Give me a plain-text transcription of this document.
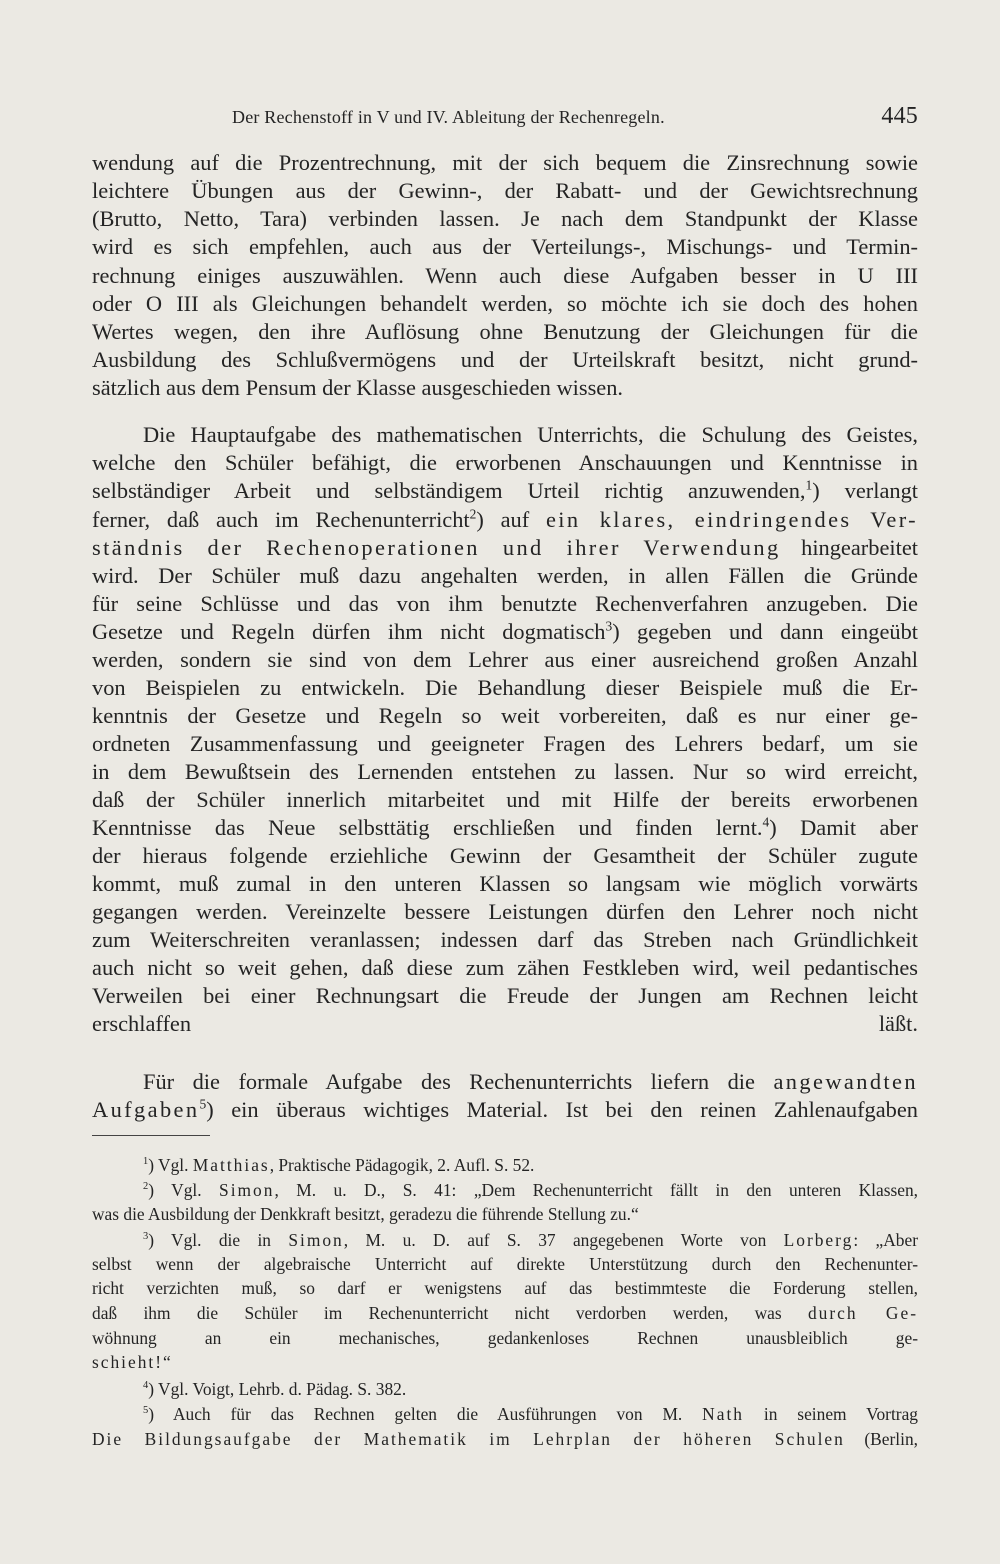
Der Rechenstoff in V und IV. Ableitung der Rechenregeln.	445
wendung auf die Prozentrechnung, mit der sich bequem die Zinsrechnung sowie
leichtere Übungen aus der Gewinn-, der Rabatt- und der Gewichtsrechnung
(Brutto, Netto, Tara) verbinden lassen. Je nach dem Standpunkt der Klasse
wird es sich empfehlen, auch aus der Verteilungs-, Mischungs- und Termin-
rechnung einiges auszuwählen. Wenn auch diese Aufgaben besser in U III
oder O III als Gleichungen behandelt werden, so möchte ich sie doch des hohen
Wertes wegen, den ihre Auflösung ohne Benutzung der Gleichungen für die
Ausbildung des Schlußvermögens und der Urteilskraft besitzt, nicht grund-
sätzlich aus dem Pensum der Klasse ausgeschieden wissen.
Die Hauptaufgabe des mathematischen Unterrichts, die Schulung des Geistes,
welche den Schüler befähigt, die erworbenen Anschauungen und Kenntnisse in
selbständiger Arbeit und selbständigem Urteil richtig anzuwenden,$^1$) verlangt
ferner, daß auch im Rechenunterricht$^2$) auf ein klares, eindringendes Ver-
ständnis der Rechenoperationen und ihrer Verwendung hingearbeitet
wird. Der Schüler muß dazu angehalten werden, in allen Fällen die Gründe
für seine Schlüsse und das von ihm benutzte Rechenverfahren anzugeben. Die
Gesetze und Regeln dürfen ihm nicht dogmatisch$^3$) gegeben und dann eingeübt
werden, sondern sie sind von dem Lehrer aus einer ausreichend großen Anzahl
von Beispielen zu entwickeln. Die Behandlung dieser Beispiele muß die Er-
kenntnis der Gesetze und Regeln so weit vorbereiten, daß es nur einer ge-
ordneten Zusammenfassung und geeigneter Fragen des Lehrers bedarf, um sie
in dem Bewußtsein des Lernenden entstehen zu lassen. Nur so wird erreicht,
daß der Schüler innerlich mitarbeitet und mit Hilfe der bereits erworbenen
Kenntnisse das Neue selbsttätig erschließen und finden lernt.$^4$) Damit aber
der hieraus folgende erziehliche Gewinn der Gesamtheit der Schüler zugute
kommt, muß zumal in den unteren Klassen so langsam wie möglich vorwärts
gegangen werden. Vereinzelte bessere Leistungen dürfen den Lehrer noch nicht
zum Weiterschreiten veranlassen; indessen darf das Streben nach Gründlichkeit
auch nicht so weit gehen, daß diese zum zähen Festkleben wird, weil pedantisches
Verweilen bei einer Rechnungsart die Freude der Jungen am Rechnen leicht
erschlaffen läßt.
Für die formale Aufgabe des Rechenunterrichts liefern die angewandten
Aufgaben$^5$) ein überaus wichtiges Material. Ist bei den reinen Zahlenaufgaben
$^1$) Vgl. Matthias, Praktische Pädagogik, 2. Aufl. S. 52.
$^2$) Vgl. Simon, M. u. D., S. 41: „Dem Rechenunterricht fällt in den unteren Klassen,
was die Ausbildung der Denkkraft besitzt, geradezu die führende Stellung zu.“
$^3$) Vgl. die in Simon, M. u. D. auf S. 37 angegebenen Worte von Lorberg: „Aber
selbst wenn der algebraische Unterricht auf direkte Unterstützung durch den Rechenunter-
richt verzichten muß, so darf er wenigstens auf das bestimmteste die Forderung stellen,
daß ihm die Schüler im Rechenunterricht nicht verdorben werden, was durch Ge-
wöhnung an ein mechanisches, gedankenloses Rechnen unausbleiblich ge-
schieht!“
$^4$) Vgl. Voigt, Lehrb. d. Pädag. S. 382.
$^5$) Auch für das Rechnen gelten die Ausführungen von M. Nath in seinem Vortrag
Die Bildungsaufgabe der Mathematik im Lehrplan der höheren Schulen (Berlin,
